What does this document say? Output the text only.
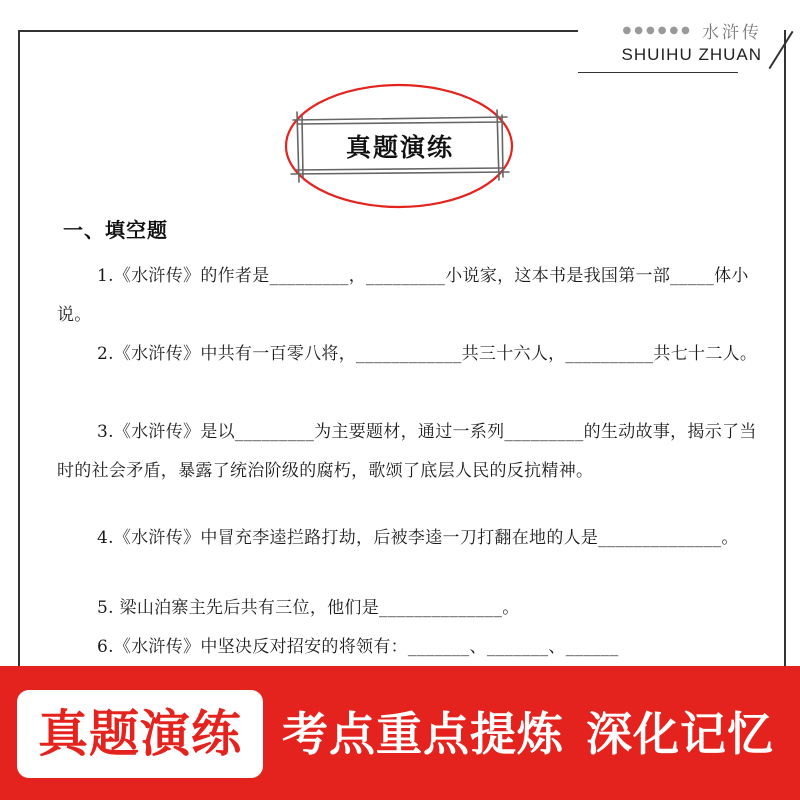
●●●●●● 水浒传
SHUIHU ZHUAN
真题演练
一、填空题
1.《水浒传》的作者是_________，_________小说家，这本书是我国第一部_____体小说。
2.《水浒传》中共有一百零八将，____________共三十六人，__________共七十二人。
3.《水浒传》是以_________为主要题材，通过一系列_________的生动故事，揭示了当时的社会矛盾，暴露了统治阶级的腐朽，歌颂了底层人民的反抗精神。
4.《水浒传》中冒充李逵拦路打劫，后被李逵一刀打翻在地的人是______________。
5. 梁山泊寨主先后共有三位，他们是______________。
6.《水浒传》中坚决反对招安的将领有：_______、_______、______
真题演练 考点重点提炼 深化记忆
